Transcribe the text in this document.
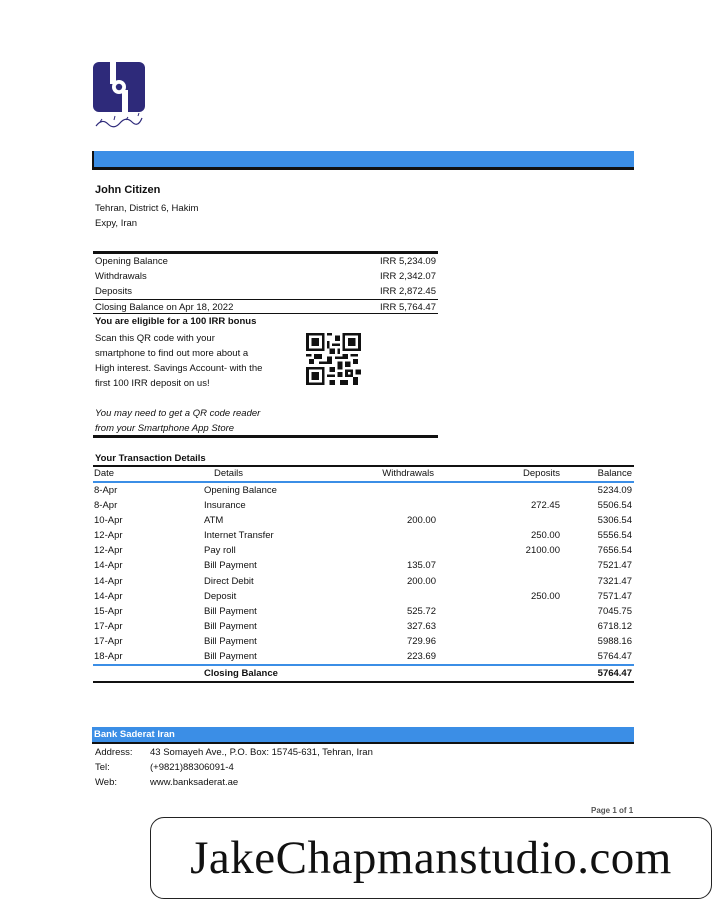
John Citizen
Tehran, District 6, Hakim
Expy, Iran
Opening Balance	IRR 5,234.09
Withdrawals	IRR 2,342.07
Deposits	IRR 2,872.45
Closing Balance on Apr 18, 2022	IRR 5,764.47
You are eligible for a 100 IRR bonus
Scan this QR code with your smartphone to find out more about a High interest. Savings Account- with the first 100 IRR deposit on us!
You may need to get a QR code reader from your Smartphone App Store
Your Transaction Details
Date	Details	Withdrawals	Deposits	Balance
8-Apr	Opening Balance			5234.09
8-Apr	Insurance		272.45	5506.54
10-Apr	ATM	200.00		5306.54
12-Apr	Internet Transfer		250.00	5556.54
12-Apr	Pay roll		2100.00	7656.54
14-Apr	Bill Payment	135.07		7521.47
14-Apr	Direct Debit	200.00		7321.47
14-Apr	Deposit		250.00	7571.47
15-Apr	Bill Payment	525.72		7045.75
17-Apr	Bill Payment	327.63		6718.12
17-Apr	Bill Payment	729.96		5988.16
18-Apr	Bill Payment	223.69		5764.47
	Closing Balance			5764.47
Bank Saderat Iran
Address:	43 Somayeh Ave., P.O. Box: 15745-631, Tehran, Iran
Tel:	(+9821)88306091-4
Web:	www.banksaderat.ae
Page 1 of 1
JakeChapmanstudio.com
